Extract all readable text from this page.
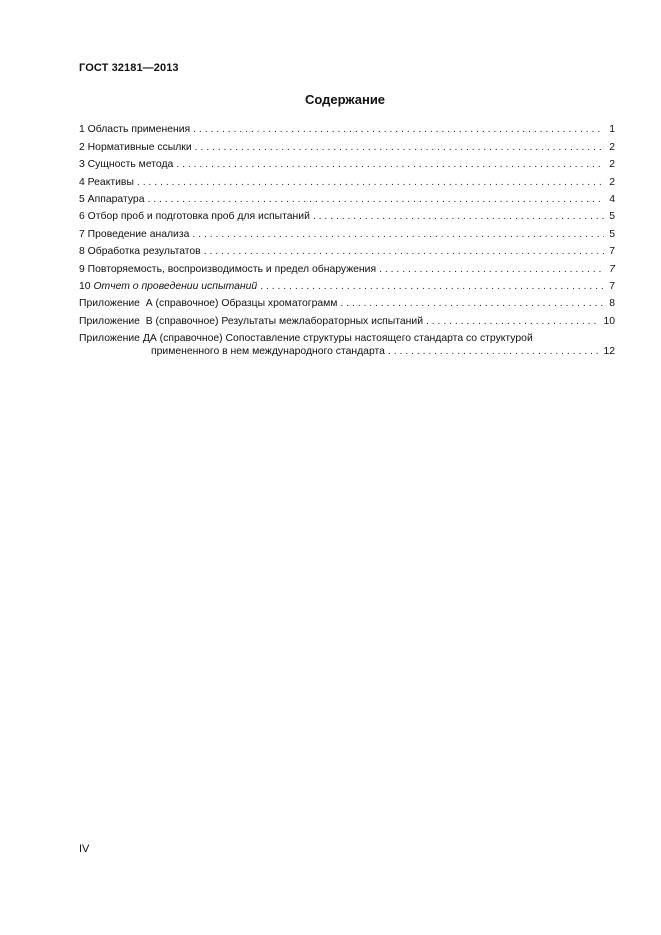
ГОСТ 32181—2013
Содержание
1 Область применения . . .	1
2 Нормативные ссылки . . .	2
3 Сущность метода . . .	2
4 Реактивы . . .	2
5 Аппаратура . . .	4
6 Отбор проб и подготовка проб для испытаний . . .	5
7 Проведение анализа . . .	5
8 Обработка результатов . . .	7
9 Повторяемость, воспроизводимость и предел обнаружения . . .	7
10 Отчет о проведении испытаний . . .	7
Приложение  А (справочное) Образцы хроматограмм . . .	8
Приложение  В (справочное) Результаты межлабораторных испытаний . . .	10
Приложение ДА (справочное) Сопоставление структуры настоящего стандарта со структурой
примененного в нем международного стандарта . . .	12
IV
